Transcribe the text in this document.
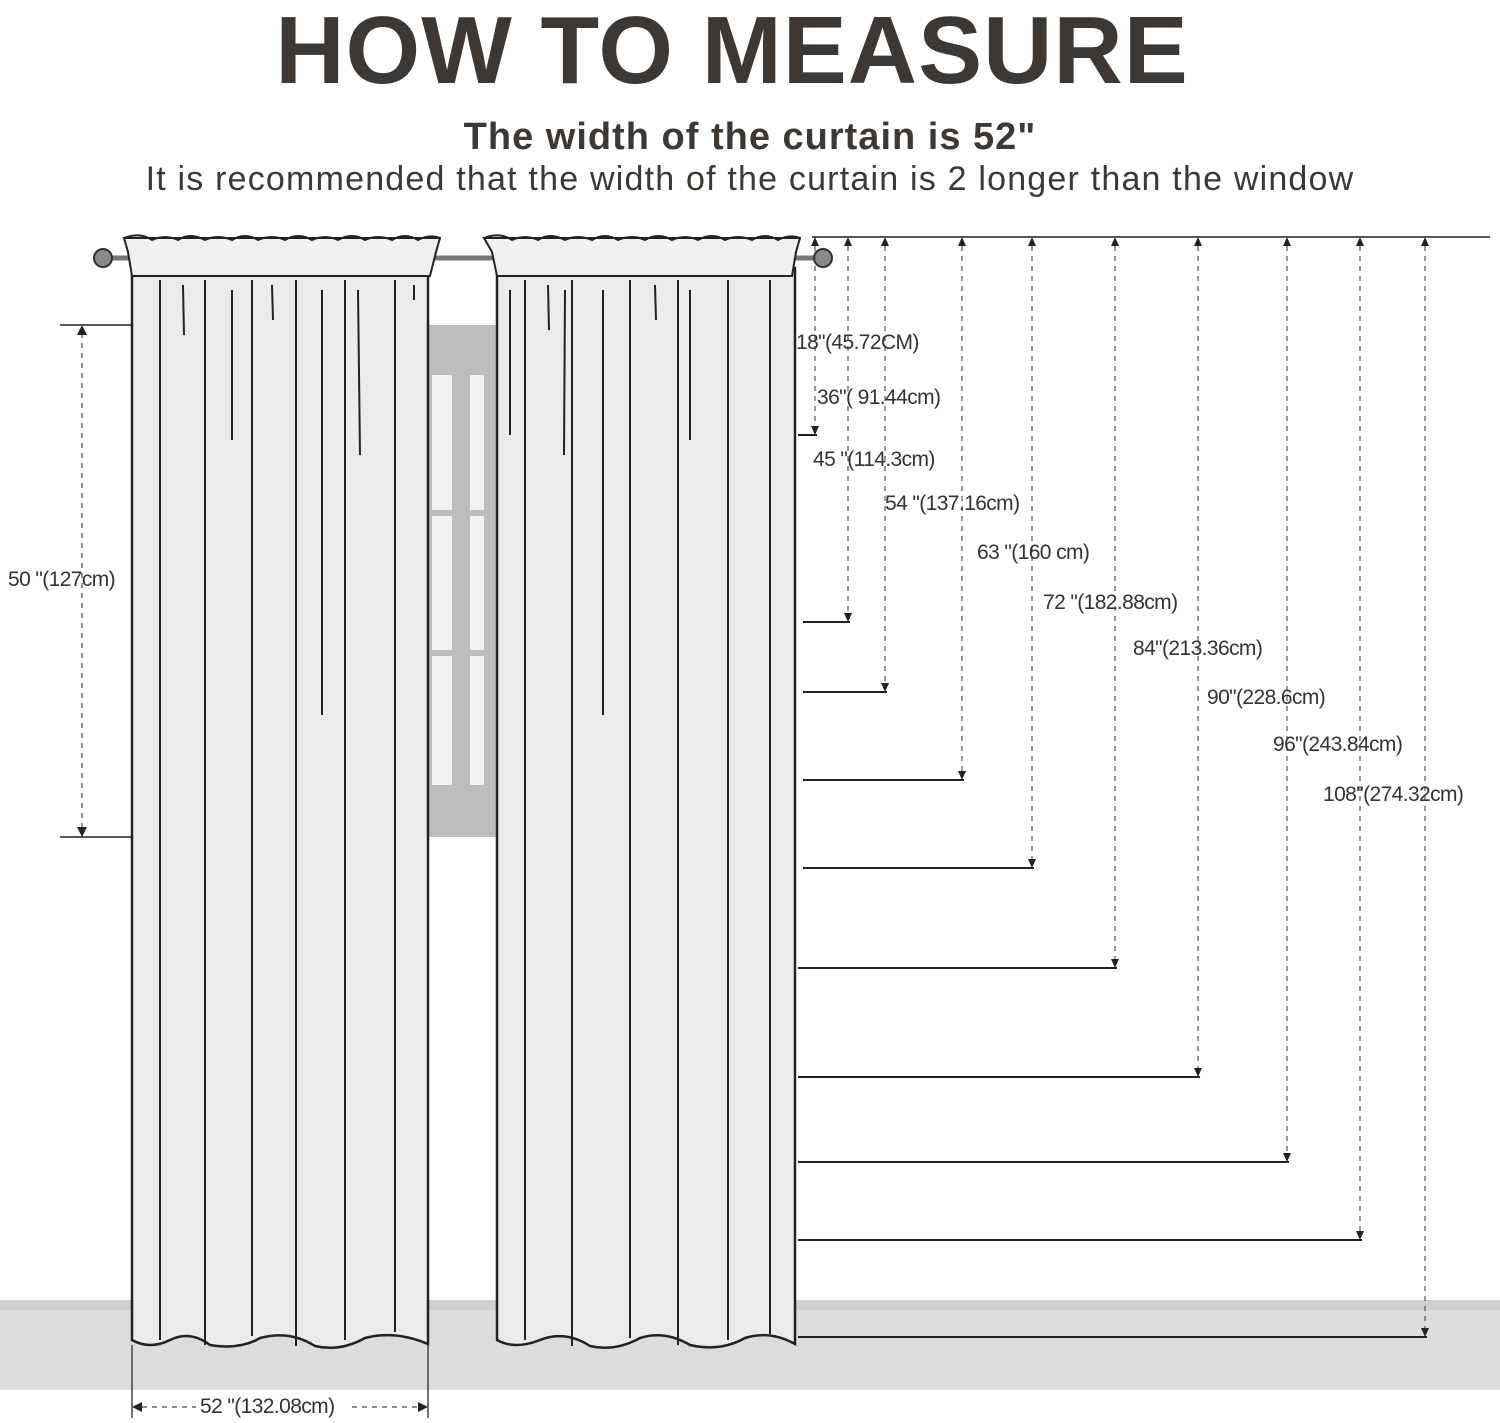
HOW TO MEASURE
The width of the curtain is 52"
It is recommended that the width of the curtain is 2 longer than the window
50 "(127cm)
52 "(132.08cm)
18"(45.72CM)
36"( 91.44cm)
45 "(114.3cm)
54 "(137.16cm)
63 "(160 cm)
72 "(182.88cm)
84"(213.36cm)
90"(228.6cm)
96"(243.84cm)
108"(274.32cm)
